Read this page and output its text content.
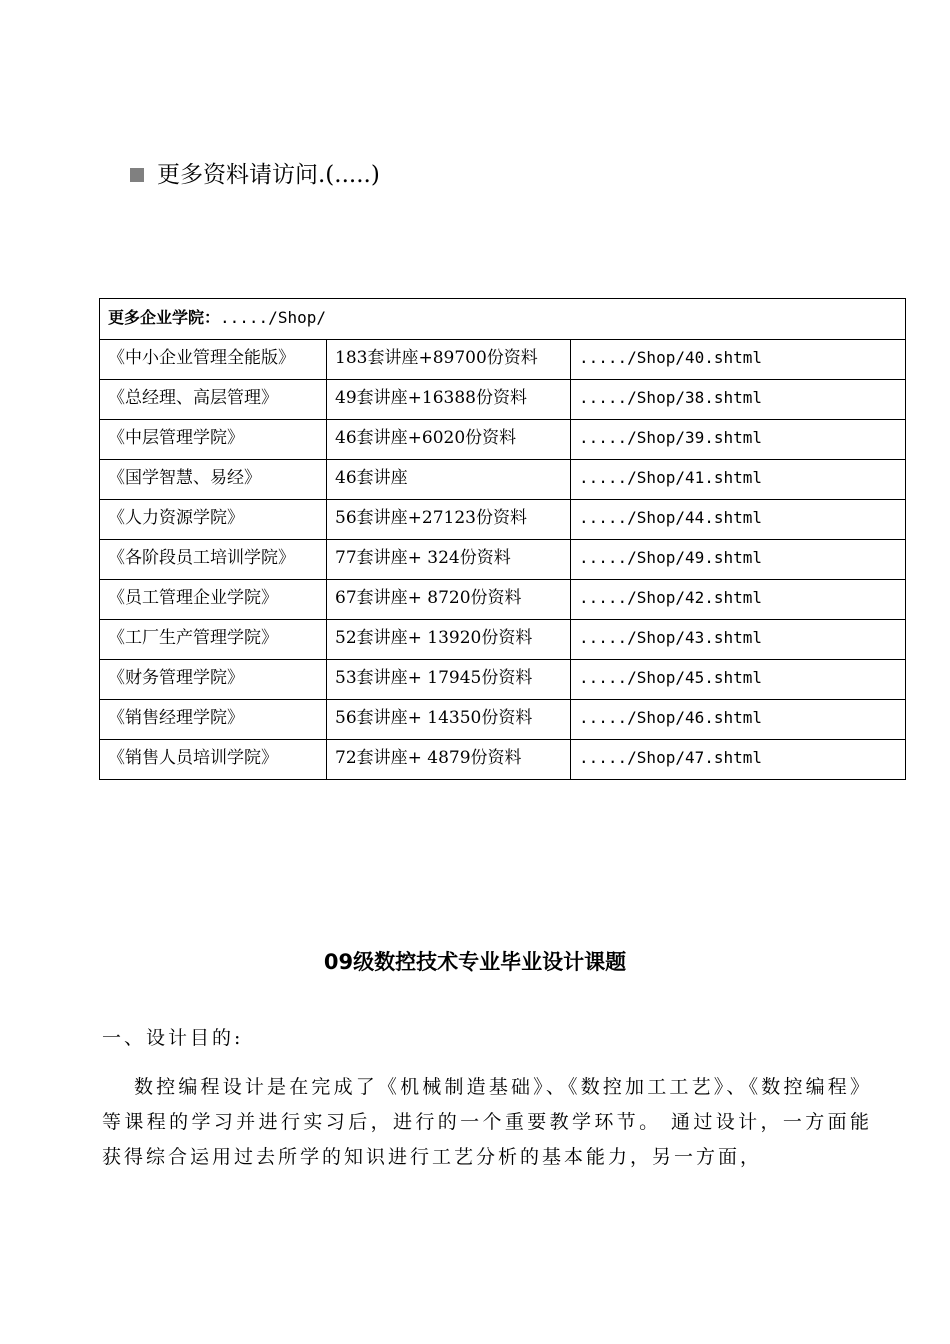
更多资料请访问.(.....)
更多企业学院：...../Shop/		

《中小企业管理全能版》	183套讲座+89700份资料	...../Shop/40.shtml

《总经理、高层管理》	49套讲座+16388份资料	...../Shop/38.shtml

《中层管理学院》	46套讲座+6020份资料	...../Shop/39.shtml

《国学智慧、易经》	46套讲座	...../Shop/41.shtml

《人力资源学院》	56套讲座+27123份资料	...../Shop/44.shtml

《各阶段员工培训学院》	77套讲座+ 324份资料	...../Shop/49.shtml

《员工管理企业学院》	67套讲座+ 8720份资料	...../Shop/42.shtml

《工厂生产管理学院》	52套讲座+ 13920份资料	...../Shop/43.shtml

《财务管理学院》	53套讲座+ 17945份资料	...../Shop/45.shtml

《销售经理学院》	56套讲座+ 14350份资料	...../Shop/46.shtml

《销售人员培训学院》	72套讲座+ 4879份资料	...../Shop/47.shtml
09级数控技术专业毕业设计课题
一、设计目的:
数控编程设计是在完成了《机械制造基础》、《数控加工工艺》、《数控编程》等课程的学习并进行实习后，进行的一个重要教学环节。 通过设计，一方面能获得综合运用过去所学的知识进行工艺分析的基本能力，另一方面，
